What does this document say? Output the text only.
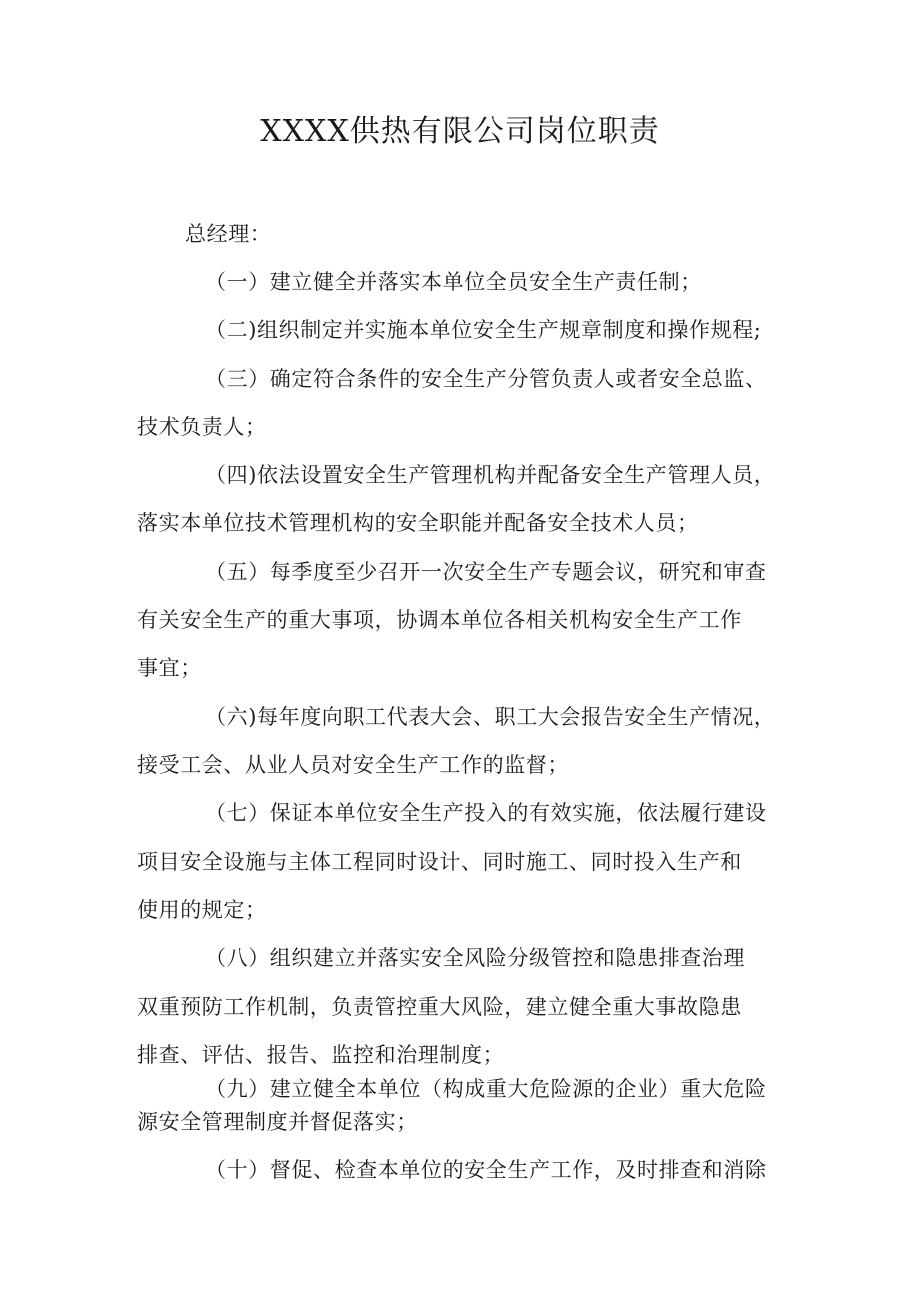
XXXX供热有限公司岗位职责
总经理：
（一）建立健全并落实本单位全员安全生产责任制；
（二)组织制定并实施本单位安全生产规章制度和操作规程;
（三）确定符合条件的安全生产分管负责人或者安全总监、
技术负责人；
（四)依法设置安全生产管理机构并配备安全生产管理人员，
落实本单位技术管理机构的安全职能并配备安全技术人员；
（五）每季度至少召开一次安全生产专题会议，研究和审查
有关安全生产的重大事项，协调本单位各相关机构安全生产工作
事宜；
（六)每年度向职工代表大会、职工大会报告安全生产情况，
接受工会、从业人员对安全生产工作的监督；
（七）保证本单位安全生产投入的有效实施，依法履行建设
项目安全设施与主体工程同时设计、同时施工、同时投入生产和
使用的规定；
（八）组织建立并落实安全风险分级管控和隐患排查治理
双重预防工作机制，负责管控重大风险，建立健全重大事故隐患
排查、评估、报告、监控和治理制度；
（九）建立健全本单位（构成重大危险源的企业）重大危险
源安全管理制度并督促落实；
（十）督促、检查本单位的安全生产工作，及时排查和消除
